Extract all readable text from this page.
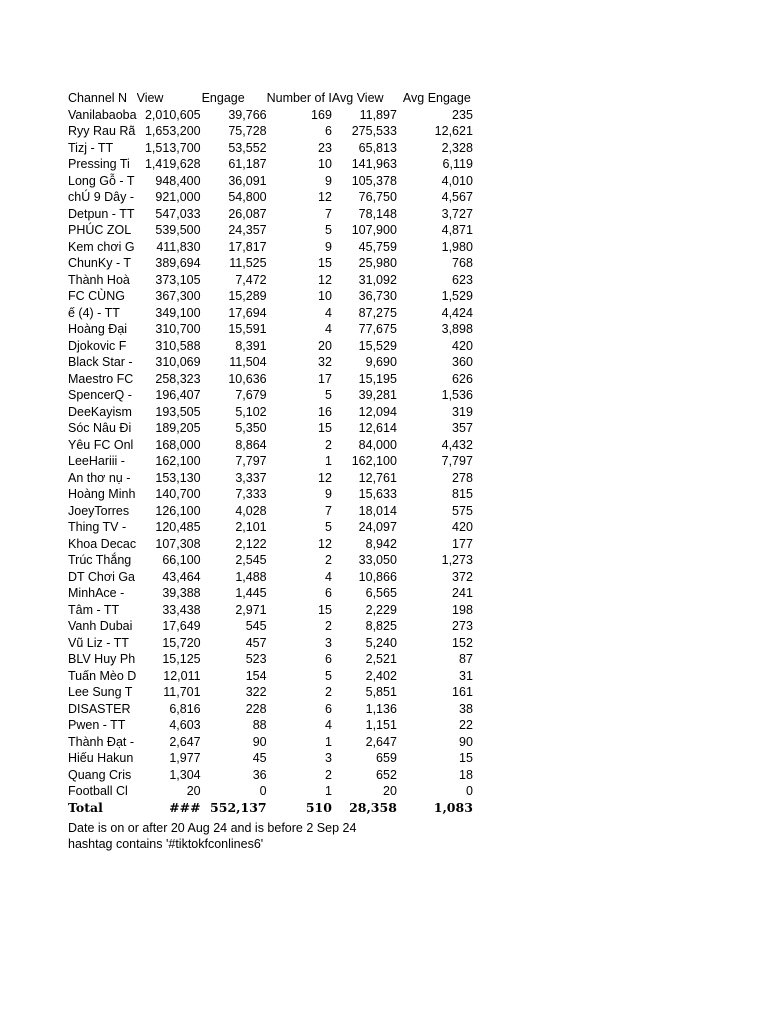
Channel N	View	Engage	Number of I	Avg View	Avg Engage
Vanilabaoba	2,010,605	39,766	169	11,897	235
Ryy Rau Rã	1,653,200	75,728	6	275,533	12,621
Tizj - TT	1,513,700	53,552	23	65,813	2,328
Pressing Ti	1,419,628	61,187	10	141,963	6,119
Long Gỗ - T	948,400	36,091	9	105,378	4,010
chÚ 9 Dây -	921,000	54,800	12	76,750	4,567
Detpun - TT	547,033	26,087	7	78,148	3,727
PHÚC ZOL	539,500	24,357	5	107,900	4,871
Kem chơi G	411,830	17,817	9	45,759	1,980
ChunKy - T	389,694	11,525	15	25,980	768
Thành Hoà	373,105	7,472	12	31,092	623
FC CÙNG	367,300	15,289	10	36,730	1,529
ế (4) - TT	349,100	17,694	4	87,275	4,424
Hoàng Đại	310,700	15,591	4	77,675	3,898
Djokovic F	310,588	8,391	20	15,529	420
Black Star -	310,069	11,504	32	9,690	360
Maestro FC	258,323	10,636	17	15,195	626
SpencerQ -	196,407	7,679	5	39,281	1,536
DeeKayism	193,505	5,102	16	12,094	319
Sóc Nâu Đi	189,205	5,350	15	12,614	357
Yêu FC Onl	168,000	8,864	2	84,000	4,432
LeeHariii -	162,100	7,797	1	162,100	7,797
An thơ nụ -	153,130	3,337	12	12,761	278
Hoàng Minh	140,700	7,333	9	15,633	815
JoeyTorres	126,100	4,028	7	18,014	575
Thing TV -	120,485	2,101	5	24,097	420
Khoa Decac	107,308	2,122	12	8,942	177
Trúc Thắng	66,100	2,545	2	33,050	1,273
DT Chơi Ga	43,464	1,488	4	10,866	372
MinhAce -	39,388	1,445	6	6,565	241
Tâm - TT	33,438	2,971	15	2,229	198
Vanh Dubai	17,649	545	2	8,825	273
Vũ Liz - TT	15,720	457	3	5,240	152
BLV Huy Ph	15,125	523	6	2,521	87
Tuấn Mèo D	12,011	154	5	2,402	31
Lee Sung T	11,701	322	2	5,851	161
DISASTER	6,816	228	6	1,136	38
Pwen - TT	4,603	88	4	1,151	22
Thành Đạt -	2,647	90	1	2,647	90
Hiếu Hakun	1,977	45	3	659	15
Quang Cris	1,304	36	2	652	18
Football Cl	20	0	1	20	0
Total	###	552,137	510	28,358	1,083
Date is on or after 20 Aug 24 and is before 2 Sep 24
hashtag contains '#tiktokfconlines6'
